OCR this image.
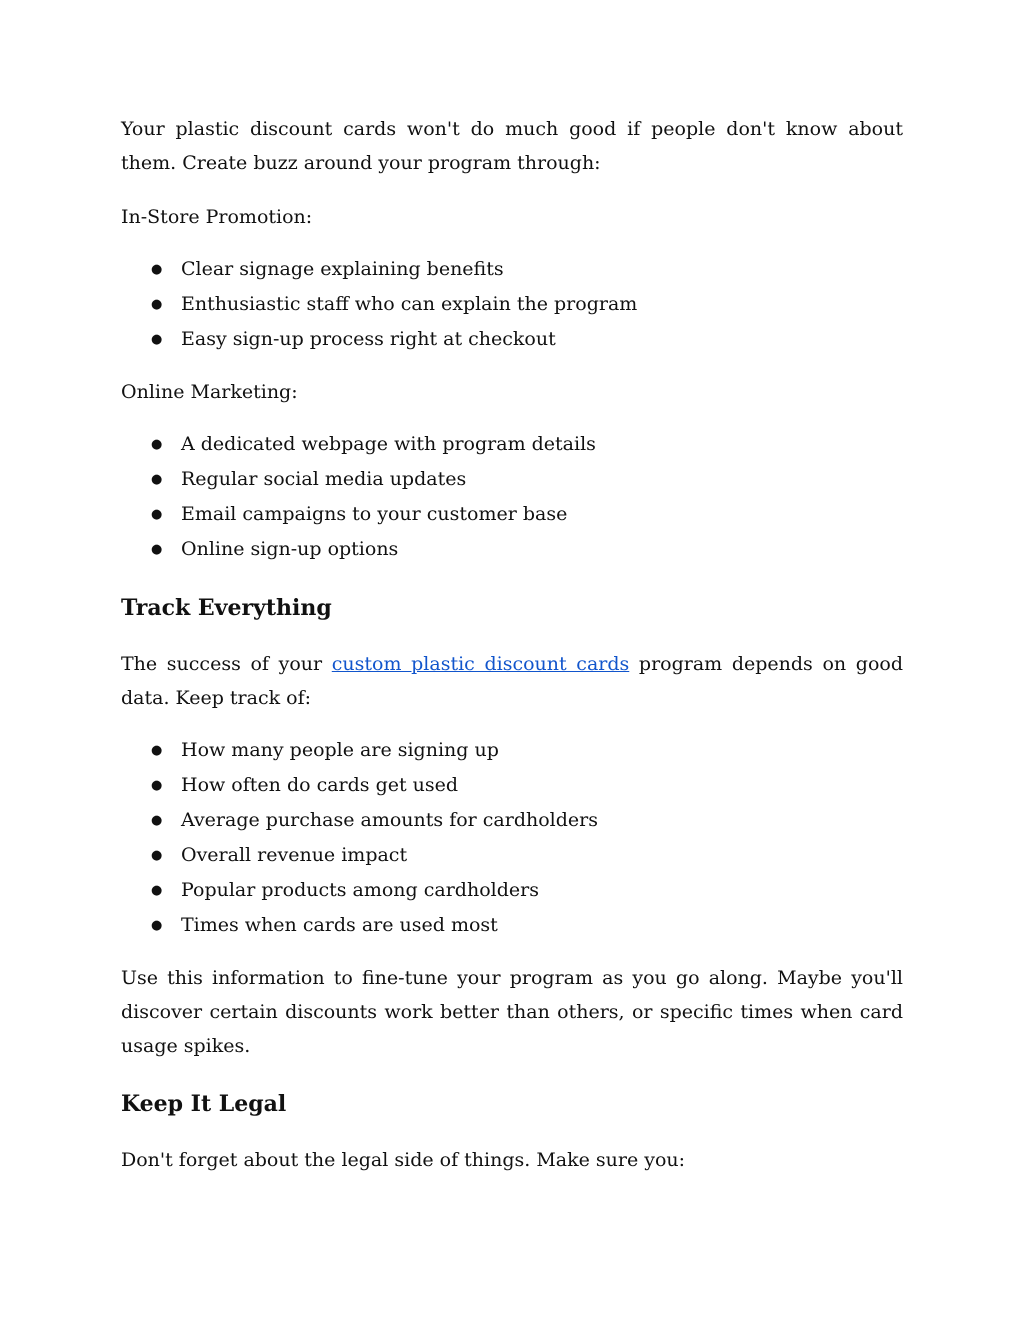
Your plastic discount cards won't do much good if people don't know about them. Create buzz around your program through:

In-Store Promotion:

● Clear signage explaining benefits
● Enthusiastic staff who can explain the program
● Easy sign-up process right at checkout

Online Marketing:

● A dedicated webpage with program details
● Regular social media updates
● Email campaigns to your customer base
● Online sign-up options
Track Everything

The success of your custom plastic discount cards program depends on good data. Keep track of:

● How many people are signing up
● How often do cards get used
● Average purchase amounts for cardholders
● Overall revenue impact
● Popular products among cardholders
● Times when cards are used most

Use this information to fine-tune your program as you go along. Maybe you'll discover certain discounts work better than others, or specific times when card usage spikes.

Keep It Legal

Don't forget about the legal side of things. Make sure you:
